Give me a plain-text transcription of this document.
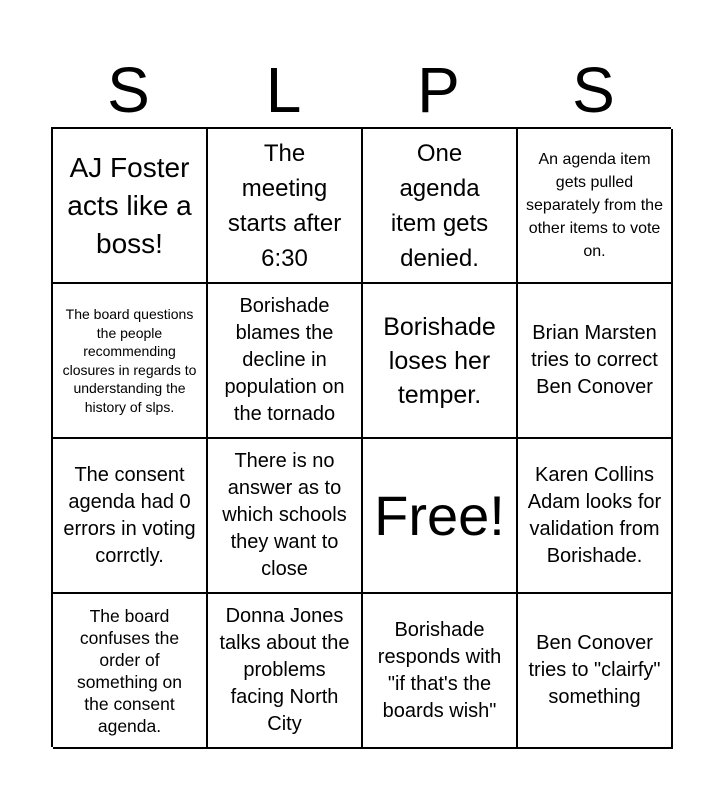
S	L	P	S
AJ Foster acts like a boss!
The meeting starts after 6:30
One agenda item gets denied.
An agenda item gets pulled separately from the other items to vote on.
The board questions the people recommending closures in regards to understanding the history of slps.
Borishade blames the decline in population on the tornado
Borishade loses her temper.
Brian Marsten tries to correct Ben Conover
The consent agenda had 0 errors in voting corrctly.
There is no answer as to which schools they want to close
Free!
Karen Collins Adam looks for validation from Borishade.
The board confuses the order of something on the consent agenda.
Donna Jones talks about the problems facing North City
Borishade responds with "if that's the boards wish"
Ben Conover tries to "clairfy" something
